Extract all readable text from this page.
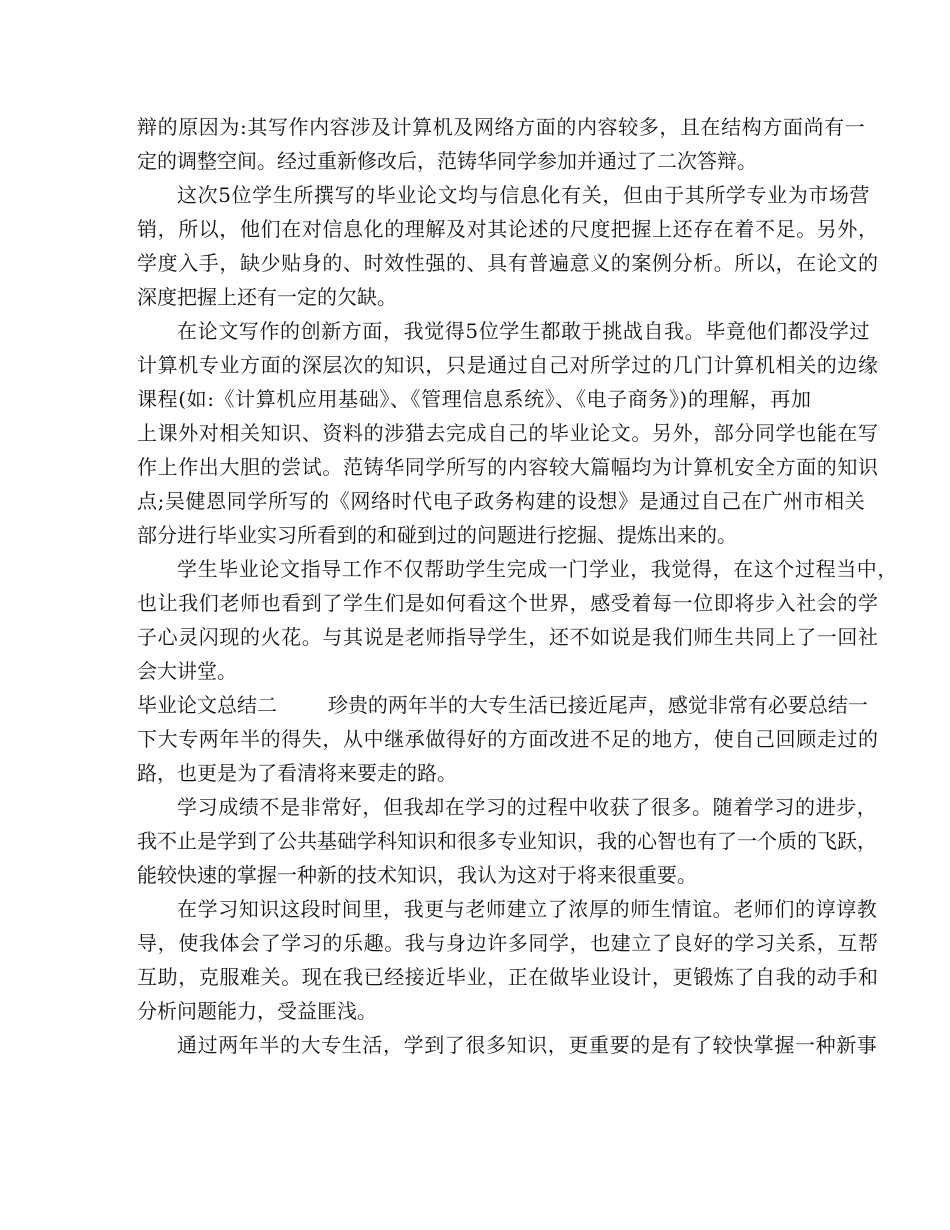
辩的原因为:其写作内容涉及计算机及网络方面的内容较多，且在结构方面尚有一

定的调整空间。经过重新修改后，范铸华同学参加并通过了二次答辩。

这次5位学生所撰写的毕业论文均与信息化有关，但由于其所学专业为市场营

销，所以，他们在对信息化的理解及对其论述的尺度把握上还存在着不足。另外，

学度入手，缺少贴身的、时效性强的、具有普遍意义的案例分析。所以，在论文的

深度把握上还有一定的欠缺。

在论文写作的创新方面，我觉得5位学生都敢于挑战自我。毕竟他们都没学过

计算机专业方面的深层次的知识，只是通过自己对所学过的几门计算机相关的边缘

课程(如:《计算机应用基础》、《管理信息系统》、《电子商务》)的理解，再加

上课外对相关知识、资料的涉猎去完成自己的毕业论文。另外，部分同学也能在写

作上作出大胆的尝试。范铸华同学所写的内容较大篇幅均为计算机安全方面的知识

点;吴健恩同学所写的《网络时代电子政务构建的设想》是通过自己在广州市相关

部分进行毕业实习所看到的和碰到过的问题进行挖掘、提炼出来的。

学生毕业论文指导工作不仅帮助学生完成一门学业，我觉得，在这个过程当中，

也让我们老师也看到了学生们是如何看这个世界，感受着每一位即将步入社会的学

子心灵闪现的火花。与其说是老师指导学生，还不如说是我们师生共同上了一回社

会大讲堂。

毕业论文总结二        珍贵的两年半的大专生活已接近尾声，感觉非常有必要总结一

下大专两年半的得失，从中继承做得好的方面改进不足的地方，使自己回顾走过的

路，也更是为了看清将来要走的路。

学习成绩不是非常好，但我却在学习的过程中收获了很多。随着学习的进步，

我不止是学到了公共基础学科知识和很多专业知识，我的心智也有了一个质的飞跃，

能较快速的掌握一种新的技术知识，我认为这对于将来很重要。

在学习知识这段时间里，我更与老师建立了浓厚的师生情谊。老师们的谆谆教

导，使我体会了学习的乐趣。我与身边许多同学，也建立了良好的学习关系，互帮

互助，克服难关。现在我已经接近毕业，正在做毕业设计，更锻炼了自我的动手和

分析问题能力，受益匪浅。

通过两年半的大专生活，学到了很多知识，更重要的是有了较快掌握一种新事
